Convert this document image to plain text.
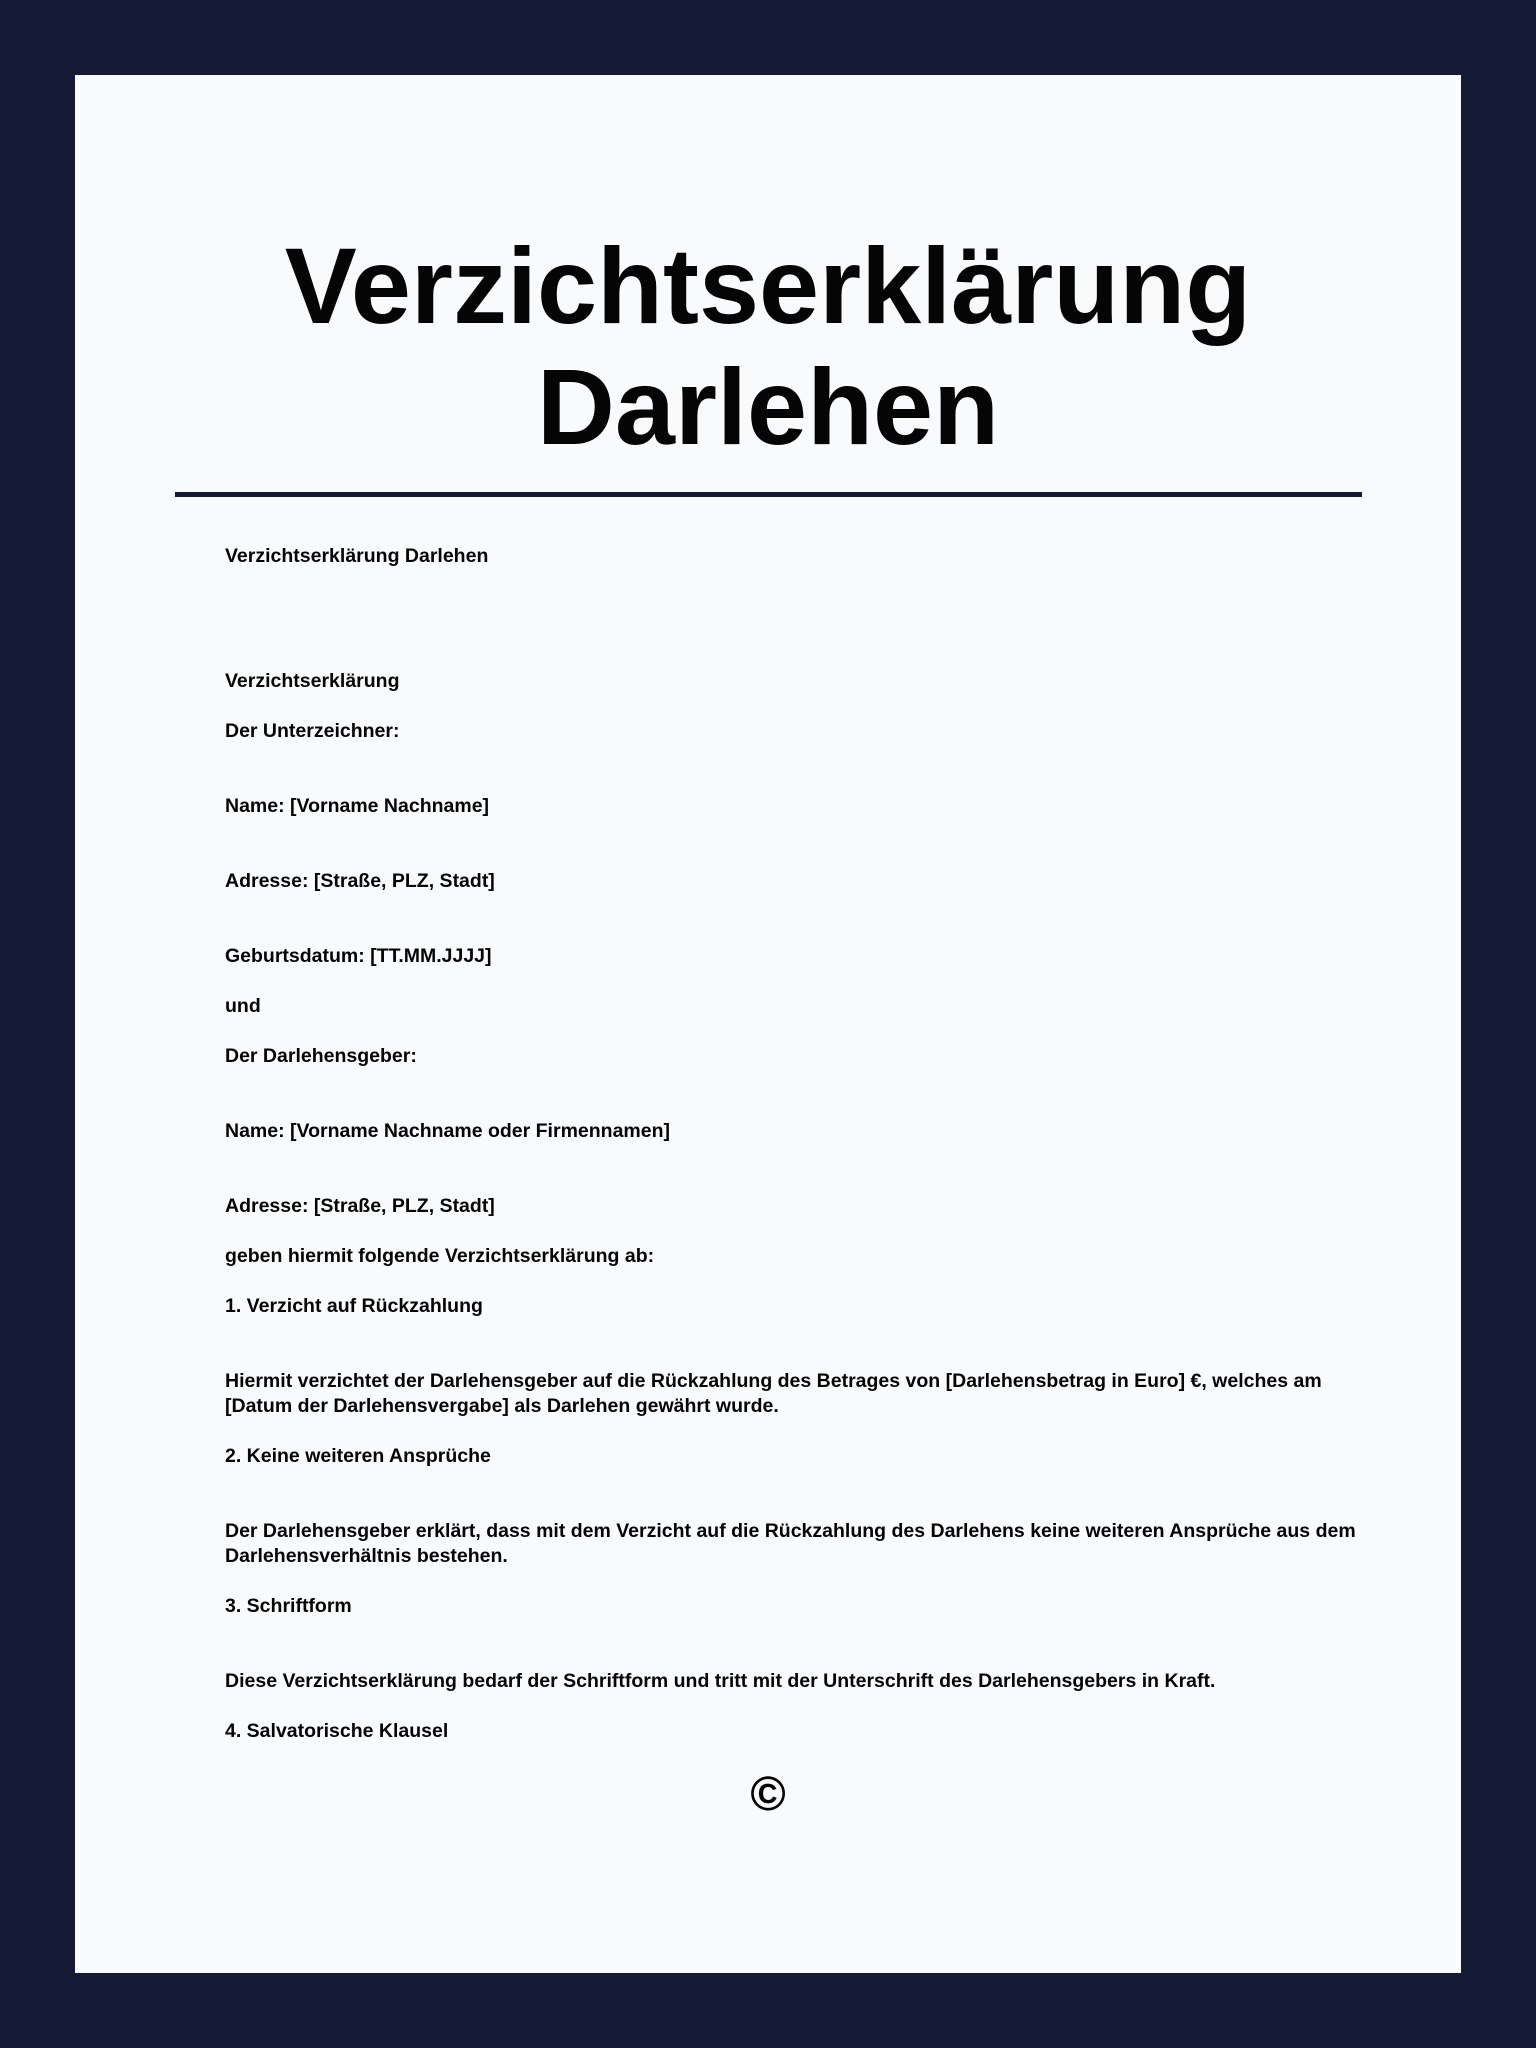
Verzichtserklärung
Darlehen

Verzichtserklärung Darlehen

Verzichtserklärung

Der Unterzeichner:

Name: [Vorname Nachname]

Adresse: [Straße, PLZ, Stadt]

Geburtsdatum: [TT.MM.JJJJ]

und

Der Darlehensgeber:

Name: [Vorname Nachname oder Firmennamen]

Adresse: [Straße, PLZ, Stadt]

geben hiermit folgende Verzichtserklärung ab:

1. Verzicht auf Rückzahlung

Hiermit verzichtet der Darlehensgeber auf die Rückzahlung des Betrages von [Darlehensbetrag in Euro] €, welches am [Datum der Darlehensvergabe] als Darlehen gewährt wurde.

2. Keine weiteren Ansprüche

Der Darlehensgeber erklärt, dass mit dem Verzicht auf die Rückzahlung des Darlehens keine weiteren Ansprüche aus dem Darlehensverhältnis bestehen.

3. Schriftform

Diese Verzichtserklärung bedarf der Schriftform und tritt mit der Unterschrift des Darlehensgebers in Kraft.

4. Salvatorische Klausel

©
